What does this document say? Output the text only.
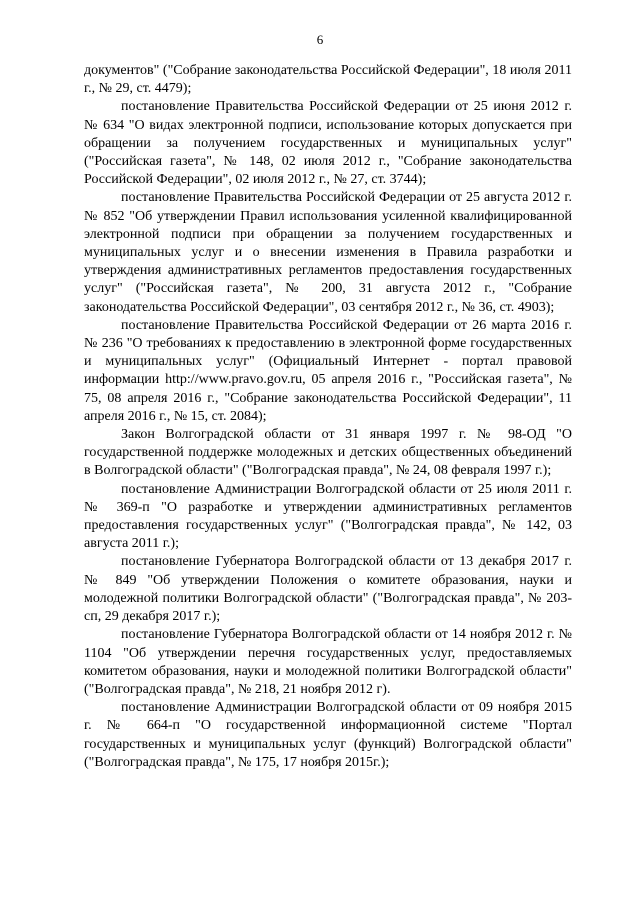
6

документов" ("Собрание законодательства Российской Федерации", 18 июля 2011 г., № 29, ст. 4479);

постановление Правительства Российской Федерации от 25 июня 2012 г. № 634 "О видах электронной подписи, использование которых допускается при обращении за получением государственных и муниципальных услуг" ("Российская газета", № 148, 02 июля 2012 г., "Собрание законодательства Российской Федерации", 02 июля 2012 г., № 27, ст. 3744);

постановление Правительства Российской Федерации от 25 августа 2012 г. № 852 "Об утверждении Правил использования усиленной квалифицированной электронной подписи при обращении за получением государственных и муниципальных услуг и о внесении изменения в Правила разработки и утверждения административных регламентов предоставления государственных услуг" ("Российская газета", № 200, 31 августа 2012 г., "Собрание законодательства Российской Федерации", 03 сентября 2012 г., № 36, ст. 4903);

постановление Правительства Российской Федерации от 26 марта 2016 г. № 236 "О требованиях к предоставлению в электронной форме государственных и муниципальных услуг" (Официальный Интернет - портал правовой информации http://www.pravo.gov.ru, 05 апреля 2016 г., "Российская газета", № 75, 08 апреля 2016 г., "Собрание законодательства Российской Федерации", 11 апреля 2016 г., № 15, ст. 2084);

Закон Волгоградской области от 31 января 1997 г. № 98-ОД "О государственной поддержке молодежных и детских общественных объединений в Волгоградской области" ("Волгоградская правда", № 24, 08 февраля 1997 г.);

постановление Администрации Волгоградской области от 25 июля 2011 г. № 369-п "О разработке и утверждении административных регламентов предоставления государственных услуг" ("Волгоградская правда", № 142, 03 августа 2011 г.);

постановление Губернатора Волгоградской области от 13 декабря 2017 г. № 849 "Об утверждении Положения о комитете образования, науки и молодежной политики Волгоградской области" ("Волгоградская правда", № 203-сп, 29 декабря 2017 г.);

постановление Губернатора Волгоградской области от 14 ноября 2012 г. № 1104 "Об утверждении перечня государственных услуг, предоставляемых комитетом образования, науки и молодежной политики Волгоградской области" ("Волгоградская правда", № 218, 21 ноября 2012 г).

постановление Администрации Волгоградской области от 09 ноября 2015 г. № 664-п "О государственной информационной системе "Портал государственных и муниципальных услуг (функций) Волгоградской области" ("Волгоградская правда", № 175, 17 ноября 2015г.);
